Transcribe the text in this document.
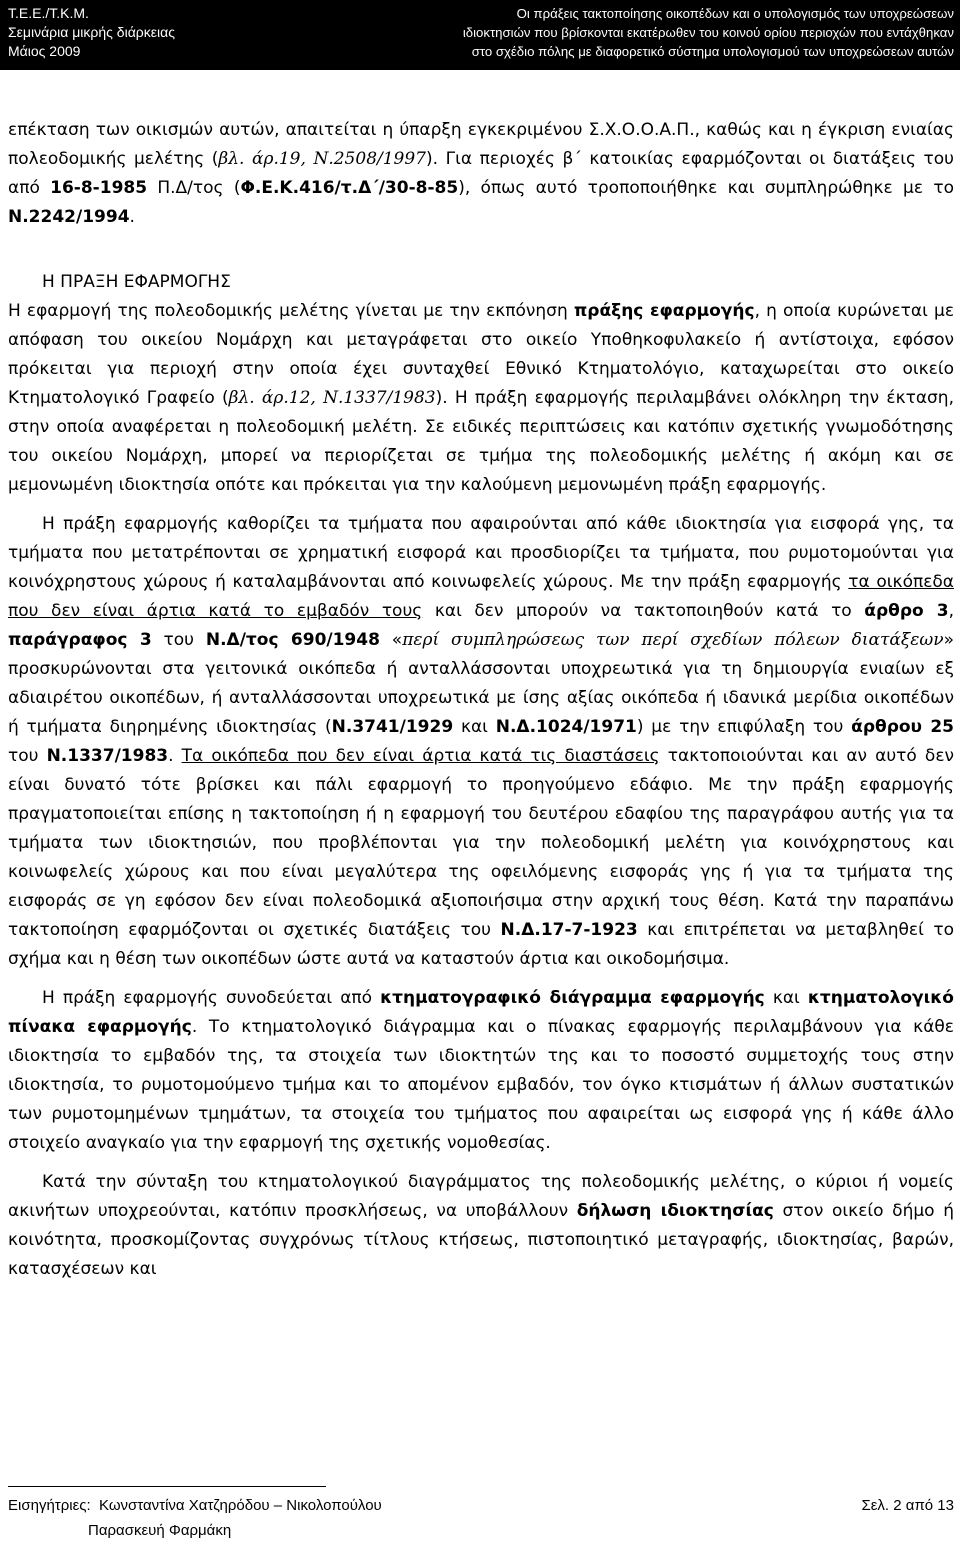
Τ.Ε.Ε./Τ.Κ.Μ.
Σεμινάρια μικρής διάρκειας
Μάιος 2009
Οι πράξεις τακτοποίησης οικοπέδων και ο υπολογισμός των υποχρεώσεων
ιδιοκτησιών που βρίσκονται εκατέρωθεν του κοινού ορίου περιοχών που εντάχθηκαν
στο σχέδιο πόλης με διαφορετικό σύστημα υπολογισμού των υποχρεώσεων αυτών

επέκταση των οικισμών αυτών, απαιτείται η ύπαρξη εγκεκριμένου Σ.Χ.Ο.Ο.Α.Π., καθώς και η έγκριση ενιαίας πολεοδομικής μελέτης (βλ. άρ.19, Ν.2508/1997). Για περιοχές β΄ κατοικίας εφαρμόζονται οι διατάξεις του από 16-8-1985 Π.Δ/τος (Φ.Ε.Κ.416/τ.Δ΄/30-8-85), όπως αυτό τροποποιήθηκε και συμπληρώθηκε με το Ν.2242/1994.

Η ΠΡΑΞΗ ΕΦΑΡΜΟΓΗΣ

Η εφαρμογή της πολεοδομικής μελέτης γίνεται με την εκπόνηση πράξης εφαρμογής, η οποία κυρώνεται με απόφαση του οικείου Νομάρχη και μεταγράφεται στο οικείο Υποθηκοφυλακείο ή αντίστοιχα, εφόσον πρόκειται για περιοχή στην οποία έχει συνταχθεί Εθνικό Κτηματολόγιο, καταχωρείται στο οικείο Κτηματολογικό Γραφείο (βλ. άρ.12, Ν.1337/1983). Η πράξη εφαρμογής περιλαμβάνει ολόκληρη την έκταση, στην οποία αναφέρεται η πολεοδομική μελέτη. Σε ειδικές περιπτώσεις και κατόπιν σχετικής γνωμοδότησης του οικείου Νομάρχη, μπορεί να περιορίζεται σε τμήμα της πολεοδομικής μελέτης ή ακόμη και σε μεμονωμένη ιδιοκτησία οπότε και πρόκειται για την καλούμενη μεμονωμένη πράξη εφαρμογής.

Η πράξη εφαρμογής καθορίζει τα τμήματα που αφαιρούνται από κάθε ιδιοκτησία για εισφορά γης, τα τμήματα που μετατρέπονται σε χρηματική εισφορά και προσδιορίζει τα τμήματα, που ρυμοτομούνται για κοινόχρηστους χώρους ή καταλαμβάνονται από κοινωφελείς χώρους. Με την πράξη εφαρμογής τα οικόπεδα που δεν είναι άρτια κατά το εμβαδόν τους και δεν μπορούν να τακτοποιηθούν κατά το άρθρο 3, παράγραφος 3 του Ν.Δ/τος 690/1948 «περί συμπληρώσεως των περί σχεδίων πόλεων διατάξεων» προσκυρώνονται στα γειτονικά οικόπεδα ή ανταλλάσσονται υποχρεωτικά για τη δημιουργία ενιαίων εξ αδιαιρέτου οικοπέδων, ή ανταλλάσσονται υποχρεωτικά με ίσης αξίας οικόπεδα ή ιδανικά μερίδια οικοπέδων ή τμήματα διηρημένης ιδιοκτησίας (Ν.3741/1929 και Ν.Δ.1024/1971) με την επιφύλαξη του άρθρου 25 του Ν.1337/1983. Τα οικόπεδα που δεν είναι άρτια κατά τις διαστάσεις τακτοποιούνται και αν αυτό δεν είναι δυνατό τότε βρίσκει και πάλι εφαρμογή το προηγούμενο εδάφιο. Με την πράξη εφαρμογής πραγματοποιείται επίσης η τακτοποίηση ή η εφαρμογή του δευτέρου εδαφίου της παραγράφου αυτής για τα τμήματα των ιδιοκτησιών, που προβλέπονται για την πολεοδομική μελέτη για κοινόχρηστους και κοινωφελείς χώρους και που είναι μεγαλύτερα της οφειλόμενης εισφοράς γης ή για τα τμήματα της εισφοράς σε γη εφόσον δεν είναι πολεοδομικά αξιοποιήσιμα στην αρχική τους θέση. Κατά την παραπάνω τακτοποίηση εφαρμόζονται οι σχετικές διατάξεις του Ν.Δ.17-7-1923 και επιτρέπεται να μεταβληθεί το σχήμα και η θέση των οικοπέδων ώστε αυτά να καταστούν άρτια και οικοδομήσιμα.

Η πράξη εφαρμογής συνοδεύεται από κτηματογραφικό διάγραμμα εφαρμογής και κτηματολογικό πίνακα εφαρμογής. Το κτηματολογικό διάγραμμα και ο πίνακας εφαρμογής περιλαμβάνουν για κάθε ιδιοκτησία το εμβαδόν της, τα στοιχεία των ιδιοκτητών της και το ποσοστό συμμετοχής τους στην ιδιοκτησία, το ρυμοτομούμενο τμήμα και το απομένον εμβαδόν, τον όγκο κτισμάτων ή άλλων συστατικών των ρυμοτομημένων τμημάτων, τα στοιχεία του τμήματος που αφαιρείται ως εισφορά γης ή κάθε άλλο στοιχείο αναγκαίο για την εφαρμογή της σχετικής νομοθεσίας.

Κατά την σύνταξη του κτηματολογικού διαγράμματος της πολεοδομικής μελέτης, ο κύριοι ή νομείς ακινήτων υποχρεούνται, κατόπιν προσκλήσεως, να υποβάλλουν δήλωση ιδιοκτησίας στον οικείο δήμο ή κοινότητα, προσκομίζοντας συγχρόνως τίτλους κτήσεως, πιστοποιητικό μεταγραφής, ιδιοκτησίας, βαρών, κατασχέσεων και

Εισηγήτριες: Κωνσταντίνα Χατζηρόδου – Νικολοπούλου
Παρασκευή Φαρμάκη
Σελ. 2 από 13
